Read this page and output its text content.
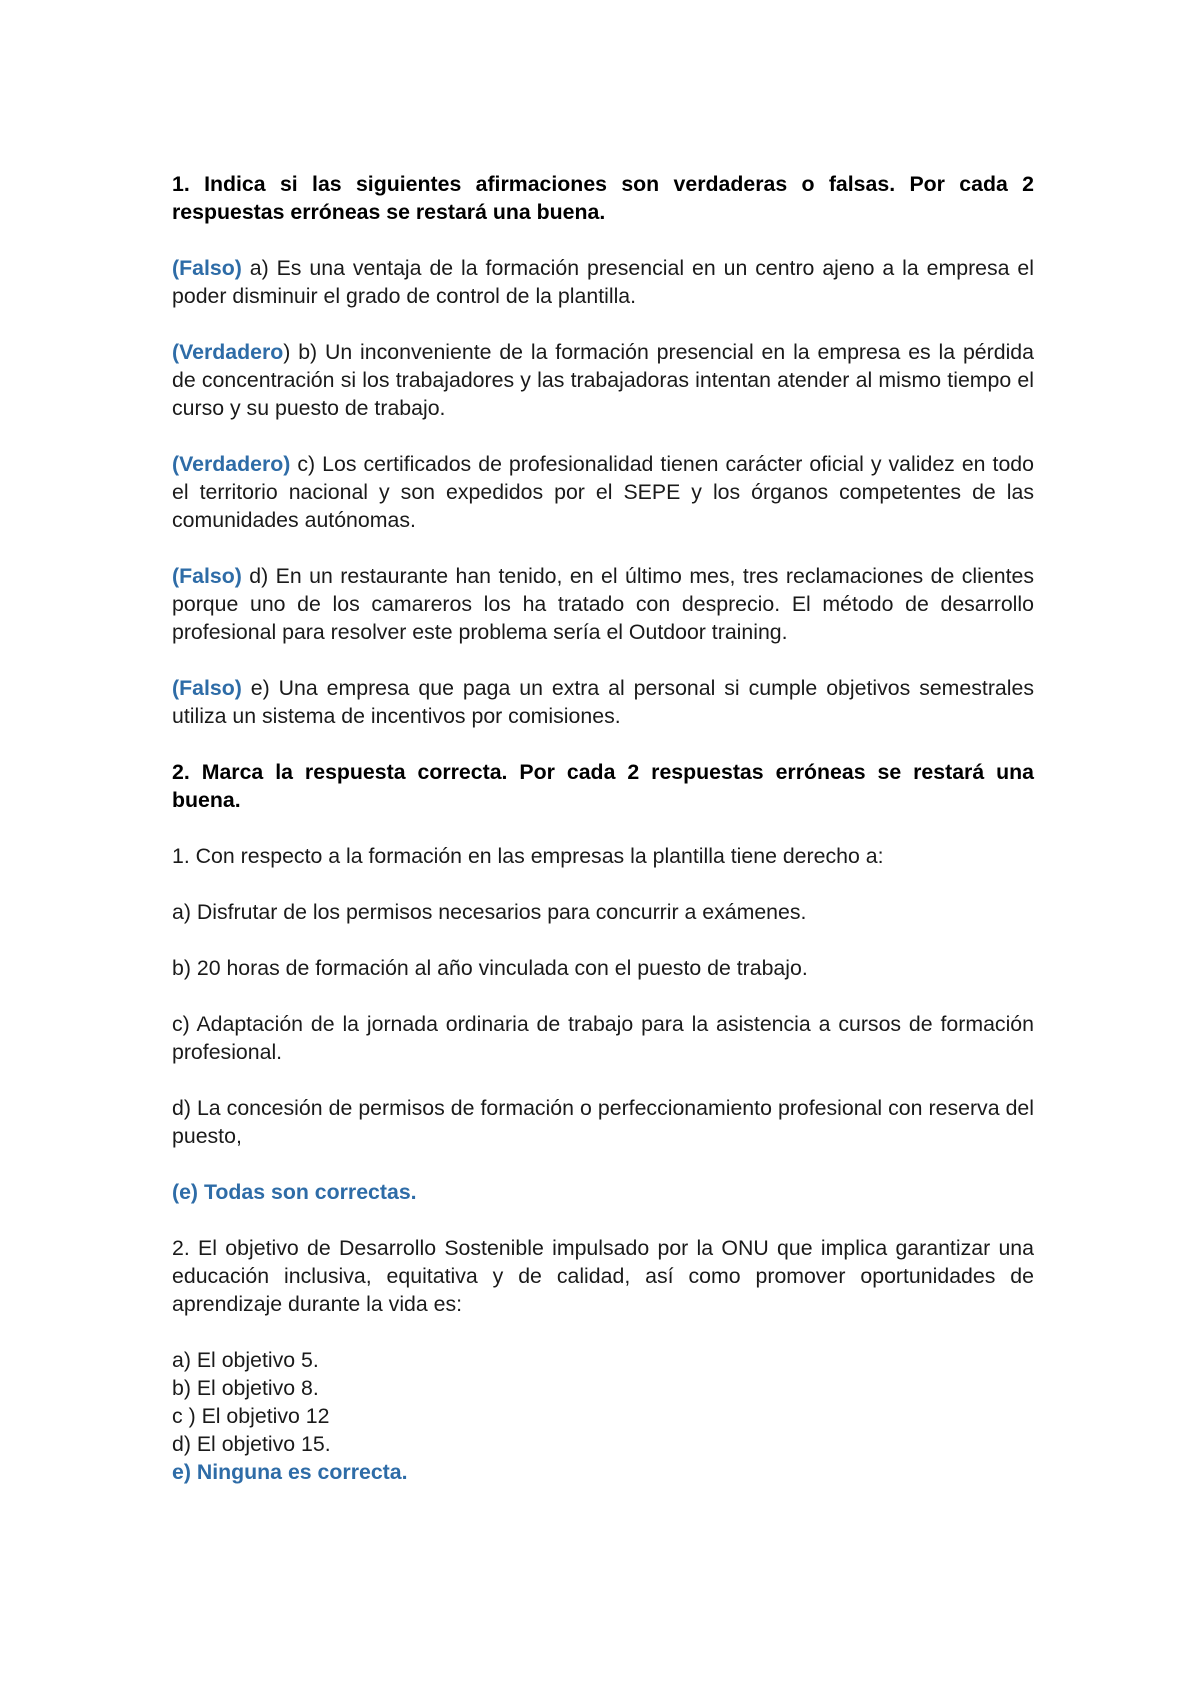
1. Indica si las siguientes afirmaciones son verdaderas o falsas. Por cada 2 respuestas erróneas se restará una buena.

(Falso) a) Es una ventaja de la formación presencial en un centro ajeno a la empresa el poder disminuir el grado de control de la plantilla.

(Verdadero) b) Un inconveniente de la formación presencial en la empresa es la pérdida de concentración si los trabajadores y las trabajadoras intentan atender al mismo tiempo el curso y su puesto de trabajo.

(Verdadero) c) Los certificados de profesionalidad tienen carácter oficial y validez en todo el territorio nacional y son expedidos por el SEPE y los órganos competentes de las comunidades autónomas.

(Falso) d) En un restaurante han tenido, en el último mes, tres reclamaciones de clientes porque uno de los camareros los ha tratado con desprecio. El método de desarrollo profesional para resolver este problema sería el Outdoor training.

(Falso) e) Una empresa que paga un extra al personal si cumple objetivos semestrales utiliza un sistema de incentivos por comisiones.

2. Marca la respuesta correcta. Por cada 2 respuestas erróneas se restará una buena.

1. Con respecto a la formación en las empresas la plantilla tiene derecho a:

a) Disfrutar de los permisos necesarios para concurrir a exámenes.

b) 20 horas de formación al año vinculada con el puesto de trabajo.

c) Adaptación de la jornada ordinaria de trabajo para la asistencia a cursos de formación profesional.

d) La concesión de permisos de formación o perfeccionamiento profesional con reserva del puesto,

(e) Todas son correctas.

2. El objetivo de Desarrollo Sostenible impulsado por la ONU que implica garantizar una educación inclusiva, equitativa y de calidad, así como promover oportunidades de aprendizaje durante la vida es:

a) El objetivo 5.

b) El objetivo 8.

c ) El objetivo 12

d) El objetivo 15.

e) Ninguna es correcta.
